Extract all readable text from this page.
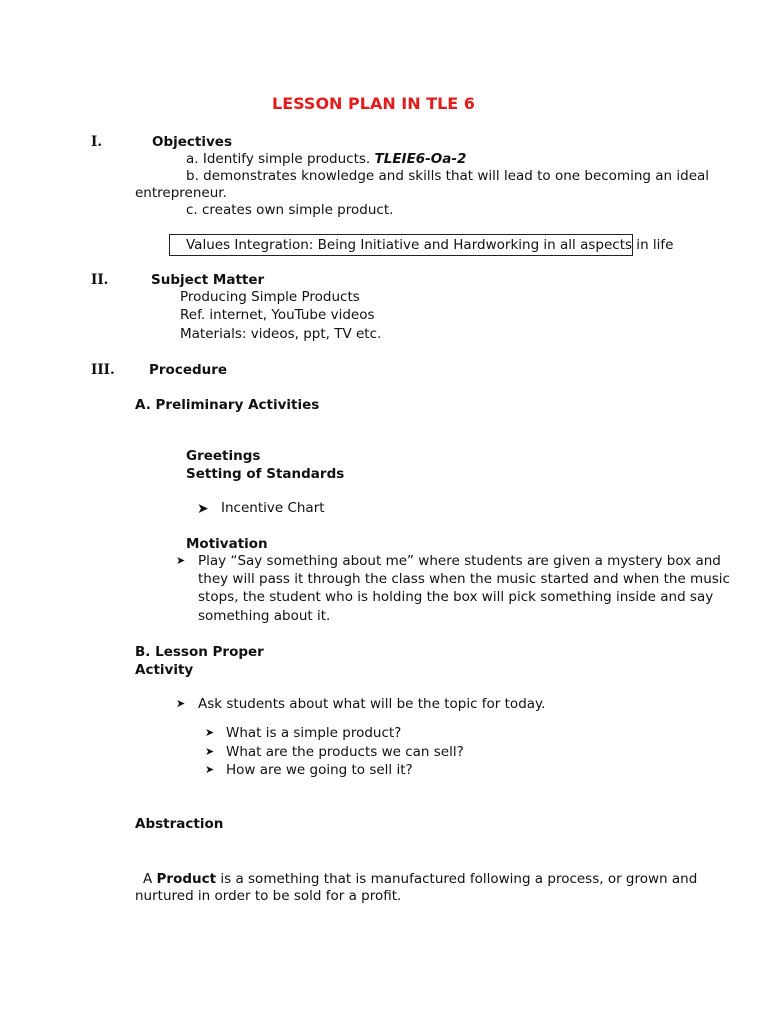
LESSON PLAN IN TLE 6
I.	Objectives
a. Identify simple products. TLEIE6-Oa-2
b. demonstrates knowledge and skills that will lead to one becoming an ideal
entrepreneur.
c. creates own simple product.
Values Integration: Being Initiative and Hardworking in all aspects in life
II.	Subject Matter
Producing Simple Products
Ref. internet, YouTube videos
Materials: videos, ppt, TV etc.
III.	Procedure
A. Preliminary Activities
Greetings
Setting of Standards
➤ Incentive Chart
Motivation
➤ Play “Say something about me” where students are given a mystery box and
they will pass it through the class when the music started and when the music
stops, the student who is holding the box will pick something inside and say
something about it.
B. Lesson Proper
Activity
➤ Ask students about what will be the topic for today.
➤ What is a simple product?
➤ What are the products we can sell?
➤ How are we going to sell it?
Abstraction
A Product is a something that is manufactured following a process, or grown and
nurtured in order to be sold for a profit.
